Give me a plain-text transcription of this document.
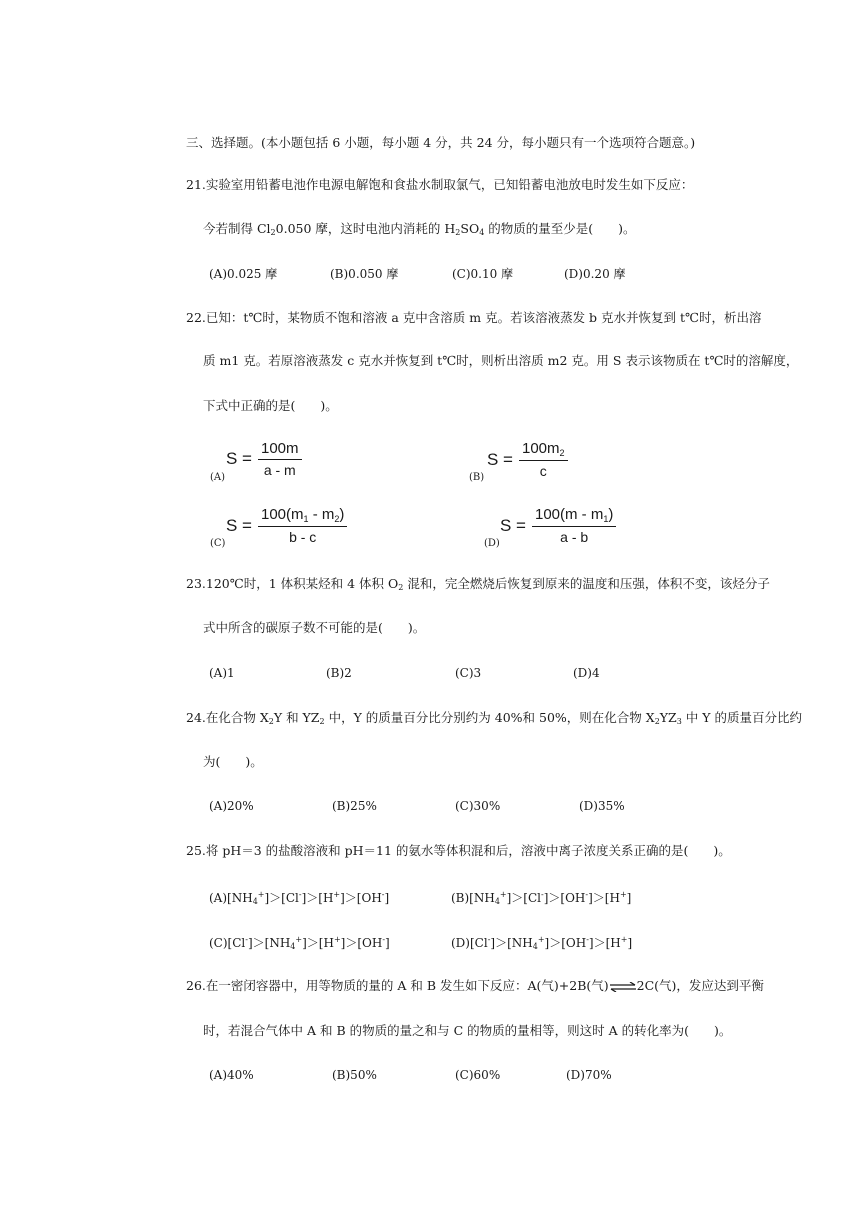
三、选择题。(本小题包括 6 小题，每小题 4 分，共 24 分，每小题只有一个选项符合题意。)
21.实验室用铅蓄电池作电源电解饱和食盐水制取氯气，已知铅蓄电池放电时发生如下反应：
今若制得 $Cl_20.050$ 摩，这时电池内消耗的 $H_2SO_4$ 的物质的量至少是(　　)。
(A)0.025 摩	(B)0.050 摩	(C)0.10 摩	(D)0.20 摩
22.已知：t℃时，某物质不饱和溶液 a 克中含溶质 m 克。若该溶液蒸发 b 克水并恢复到 t℃时，析出溶
质 m1 克。若原溶液蒸发 c 克水并恢复到 t℃时，则析出溶质 m2 克。用 S 表示该物质在 t℃时的溶解度，
下式中正确的是(　　)。
(A)
$S = \frac{100m}{a - m}$	(B)
$S = \frac{100m_2}{c}$
(C)
$S = \frac{100(m_1 - m_2)}{b - c}$	(D)
$S = \frac{100(m - m_1)}{a - b}$
23.120℃时，1 体积某烃和 4 体积 $O_2$ 混和，完全燃烧后恢复到原来的温度和压强，体积不变，该烃分子
式中所含的碳原子数不可能的是(　　)。
(A)1	(B)2	(C)3	(D)4
24.在化合物 $X_2Y$ 和 $YZ_2$ 中，Y 的质量百分比分别约为 40%和 50%，则在化合物 $X_2YZ_3$ 中 Y 的质量百分比约
为(　　)。
(A)20%	(B)25%	(C)30%	(D)35%
25.将 pH＝3 的盐酸溶液和 pH＝11 的氨水等体积混和后，溶液中离子浓度关系正确的是(　　)。
$(A)[NH_4^+]>[Cl^-]>[H^+]>[OH^-]$	$(B)[NH_4^+]>[Cl^-]>[OH^-]>[H^+]$
$(C)[Cl^-]>[NH_4^+]>[H^+]>[OH^-]$	$(D)[Cl^-]>[NH_4^+]>[OH^-]>[H^+]$
26.在一密闭容器中，用等物质的量的 A 和 B 发生如下反应：A(气)+2B(气)⇌2C(气)，发应达到平衡
时，若混合气体中 A 和 B 的物质的量之和与 C 的物质的量相等，则这时 A 的转化率为(　　)。
(A)40%	(B)50%	(C)60%	(D)70%
